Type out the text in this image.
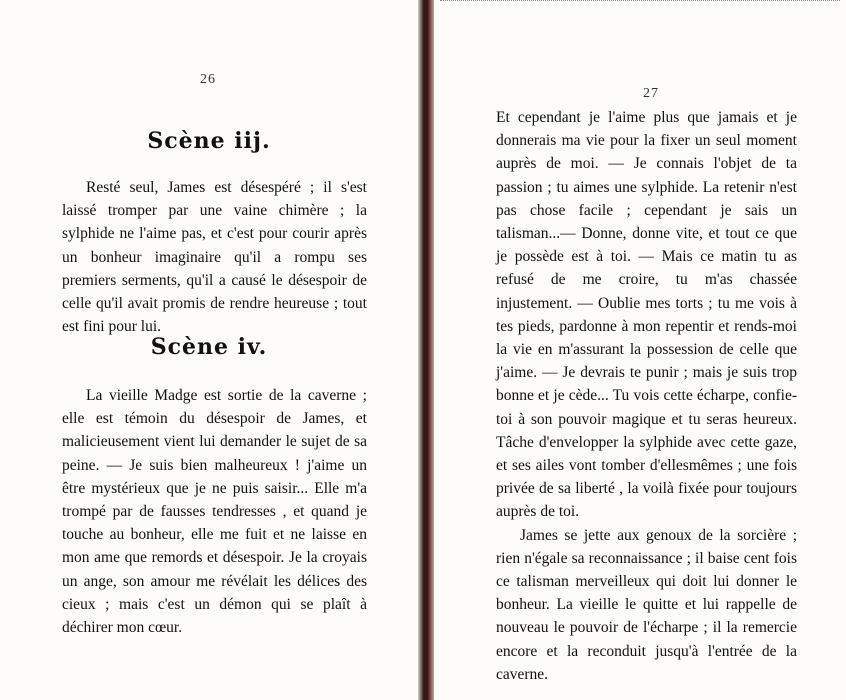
26
Scène iij.

Resté seul, James est désespéré ; il s'est laissé tromper par une vaine chimère ; la sylphide ne l'aime pas, et c'est pour courir après un bonheur imaginaire qu'il a rompu ses premiers serments, qu'il a causé le désespoir de celle qu'il avait promis de rendre heureuse ; tout est fini pour lui.

Scène iv.

La vieille Madge est sortie de la caverne ; elle est témoin du désespoir de James, et malicieusement vient lui demander le sujet de sa peine. — Je suis bien malheureux ! j'aime un être mystérieux que je ne puis saisir... Elle m'a trompé par de fausses tendresses , et quand je touche au bonheur, elle me fuit et ne laisse en mon ame que remords et désespoir. Je la croyais un ange, son amour me révélait les délices des cieux ; mais c'est un démon qui se plaît à déchirer mon cœur.

27

Et cependant je l'aime plus que jamais et je donnerais ma vie pour la fixer un seul moment auprès de moi. — Je connais l'objet de ta passion ; tu aimes une sylphide. La retenir n'est pas chose facile ; cependant je sais un talisman...— Donne, donne vite, et tout ce que je possède est à toi. — Mais ce matin tu as refusé de me croire, tu m'as chassée injustement. — Oublie mes torts ; tu me vois à tes pieds, pardonne à mon repentir et rends-moi la vie en m'assurant la possession de celle que j'aime. — Je devrais te punir ; mais je suis trop bonne et je cède... Tu vois cette écharpe, confie-toi à son pouvoir magique et tu seras heureux. Tâche d'envelopper la sylphide avec cette gaze, et ses ailes vont tomber d'ellesmêmes ; une fois privée de sa liberté , la voilà fixée pour toujours auprès de toi.

James se jette aux genoux de la sorcière ; rien n'égale sa reconnaissance ; il baise cent fois ce talisman merveilleux qui doit lui donner le bonheur. La vieille le quitte et lui rappelle de nouveau le pouvoir de l'écharpe ; il la remercie encore et la reconduit jusqu'à l'entrée de la caverne.
